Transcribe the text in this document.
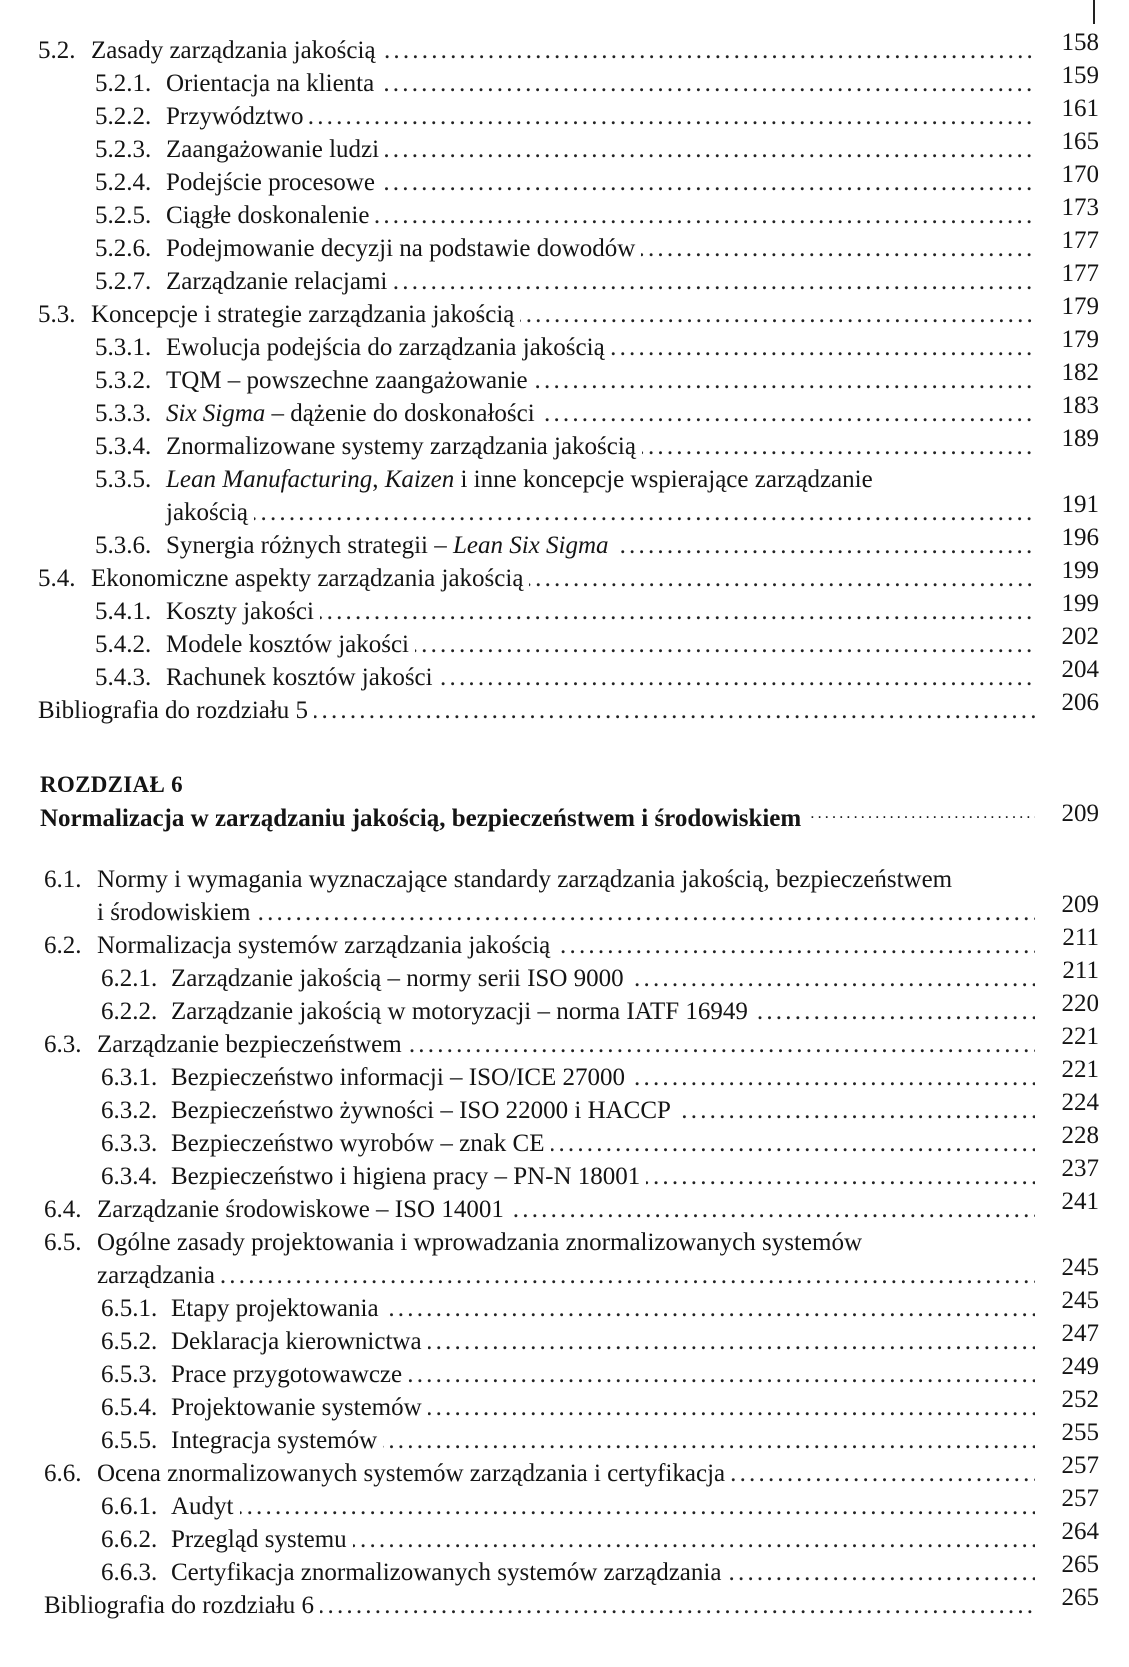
5.2. Zasady zarządzania jakością .....	158
5.2.1. Orientacja na klienta .....	159
5.2.2. Przywództwo .....	161
5.2.3. Zaangażowanie ludzi .....	165
5.2.4. Podejście procesowe .....	170
5.2.5. Ciągłe doskonalenie .....	173
5.2.6. Podejmowanie decyzji na podstawie dowodów .....	177
5.2.7. Zarządzanie relacjami .....	177
5.3. Koncepcje i strategie zarządzania jakością .....	179
5.3.1. Ewolucja podejścia do zarządzania jakością .....	179
5.3.2. TQM – powszechne zaangażowanie .....	182
5.3.3. Six Sigma – dążenie do doskonałości .....	183
5.3.4. Znormalizowane systemy zarządzania jakością .....	189
5.3.5. Lean Manufacturing, Kaizen i inne koncepcje wspierające zarządzanie
jakością .....	191
5.3.6. Synergia różnych strategii – Lean Six Sigma .....	196
5.4. Ekonomiczne aspekty zarządzania jakością .....	199
5.4.1. Koszty jakości .....	199
5.4.2. Modele kosztów jakości .....	202
5.4.3. Rachunek kosztów jakości .....	204
Bibliografia do rozdziału 5 .....	206
ROZDZIAŁ 6
Normalizacja w zarządzaniu jakością, bezpieczeństwem i środowiskiem .....	209
6.1. Normy i wymagania wyznaczające standardy zarządzania jakością, bezpieczeństwem
i środowiskiem .....	209
6.2. Normalizacja systemów zarządzania jakością .....	211
6.2.1. Zarządzanie jakością – normy serii ISO 9000 .....	211
6.2.2. Zarządzanie jakością w motoryzacji – norma IATF 16949 .....	220
6.3. Zarządzanie bezpieczeństwem .....	221
6.3.1. Bezpieczeństwo informacji – ISO/ICE 27000 .....	221
6.3.2. Bezpieczeństwo żywności – ISO 22000 i HACCP .....	224
6.3.3. Bezpieczeństwo wyrobów – znak CE .....	228
6.3.4. Bezpieczeństwo i higiena pracy – PN-N 18001 .....	237
6.4. Zarządzanie środowiskowe – ISO 14001 .....	241
6.5. Ogólne zasady projektowania i wprowadzania znormalizowanych systemów
zarządzania .....	245
6.5.1. Etapy projektowania .....	245
6.5.2. Deklaracja kierownictwa .....	247
6.5.3. Prace przygotowawcze .....	249
6.5.4. Projektowanie systemów .....	252
6.5.5. Integracja systemów .....	255
6.6. Ocena znormalizowanych systemów zarządzania i certyfikacja .....	257
6.6.1. Audyt .....	257
6.6.2. Przegląd systemu .....	264
6.6.3. Certyfikacja znormalizowanych systemów zarządzania .....	265
Bibliografia do rozdziału 6 .....	265
